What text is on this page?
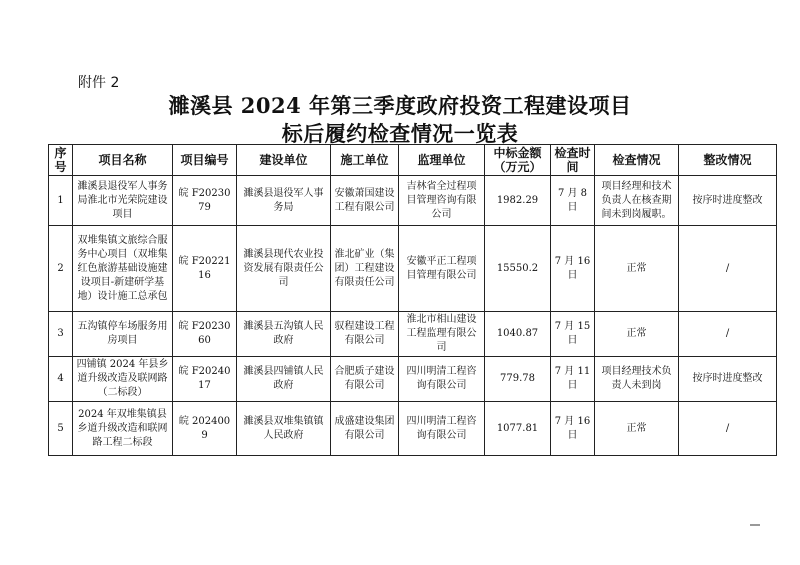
附件 2
濉溪县 2024 年第三季度政府投资工程建设项目
标后履约检查情况一览表
序号	项目名称	项目编号	建设单位	施工单位	监理单位	中标金额（万元）	检查时间	检查情况	整改情况
1	濉溪县退役军人事务局淮北市光荣院建设项目	皖 F2023079	濉溪县退役军人事务局	安徽萧国建设工程有限公司	吉林省全过程项目管理咨询有限公司	1982.29	7 月 8 日	项目经理和技术负责人在核查期间未到岗履职。	按序时进度整改
2	双堆集镇文旅综合服务中心项目（双堆集红色旅游基础设施建设项目-新建研学基地）设计施工总承包	皖 F2022116	濉溪县现代农业投资发展有限责任公司	淮北矿业（集团）工程建设有限责任公司	安徽平正工程项目管理有限公司	15550.2	7 月 16 日	正常	/
3	五沟镇停车场服务用房项目	皖 F2023060	濉溪县五沟镇人民政府	驭程建设工程有限公司	淮北市相山建设工程监理有限公司	1040.87	7 月 15 日	正常	/
4	四铺镇 2024 年县乡道升级改造及联网路（二标段）	皖 F2024017	濉溪县四铺镇人民政府	合肥质子建设有限公司	四川明清工程咨询有限公司	779.78	7 月 11 日	项目经理技术负责人未到岗	按序时进度整改
5	2024 年双堆集镇县乡道升级改造和联网路工程二标段	皖 2024009	濉溪县双堆集镇镇人民政府	成盛建设集团有限公司	四川明清工程咨询有限公司	1077.81	7 月 16 日	正常	/
